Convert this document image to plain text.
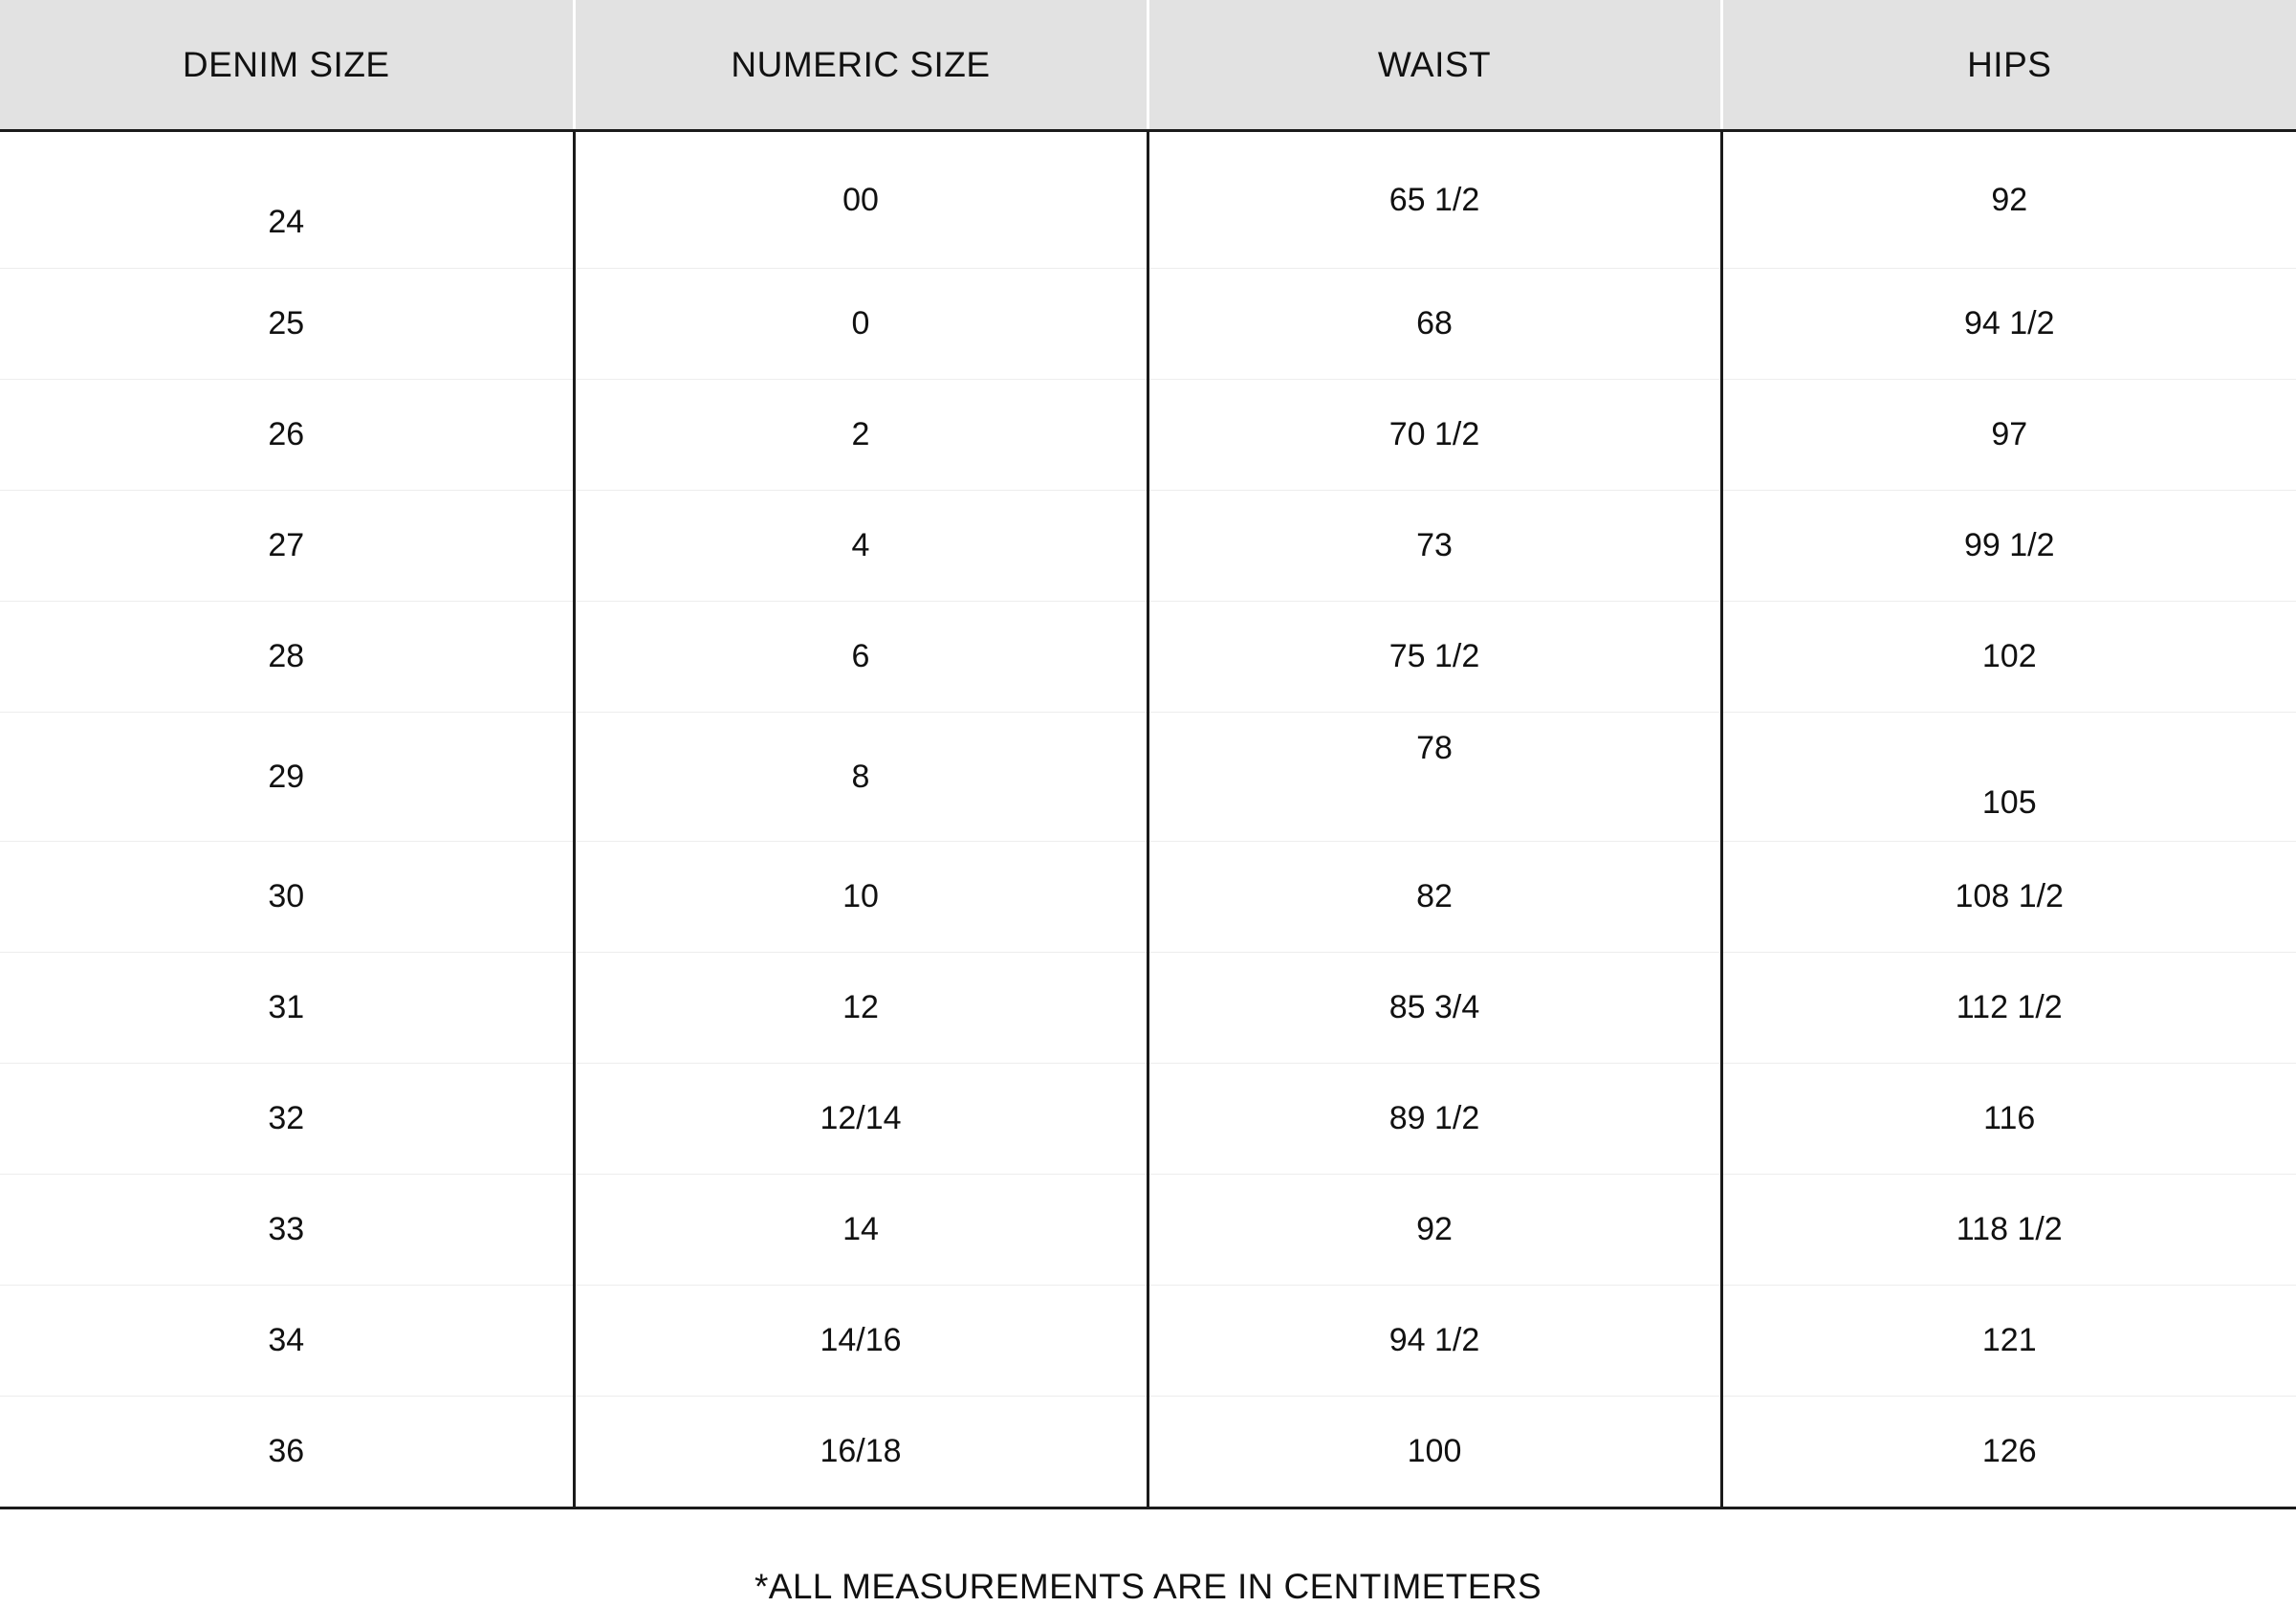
DENIM SIZE	NUMERIC SIZE	WAIST	HIPS
24	00	65 1/2	92
25	0	68	94 1/2
26	2	70 1/2	97
27	4	73	99 1/2
28	6	75 1/2	102
29	8	78	105
30	10	82	108 1/2
31	12	85 3/4	112 1/2
32	12/14	89 1/2	116
33	14	92	118 1/2
34	14/16	94 1/2	121
36	16/18	100	126
*ALL MEASUREMENTS ARE IN CENTIMETERS
